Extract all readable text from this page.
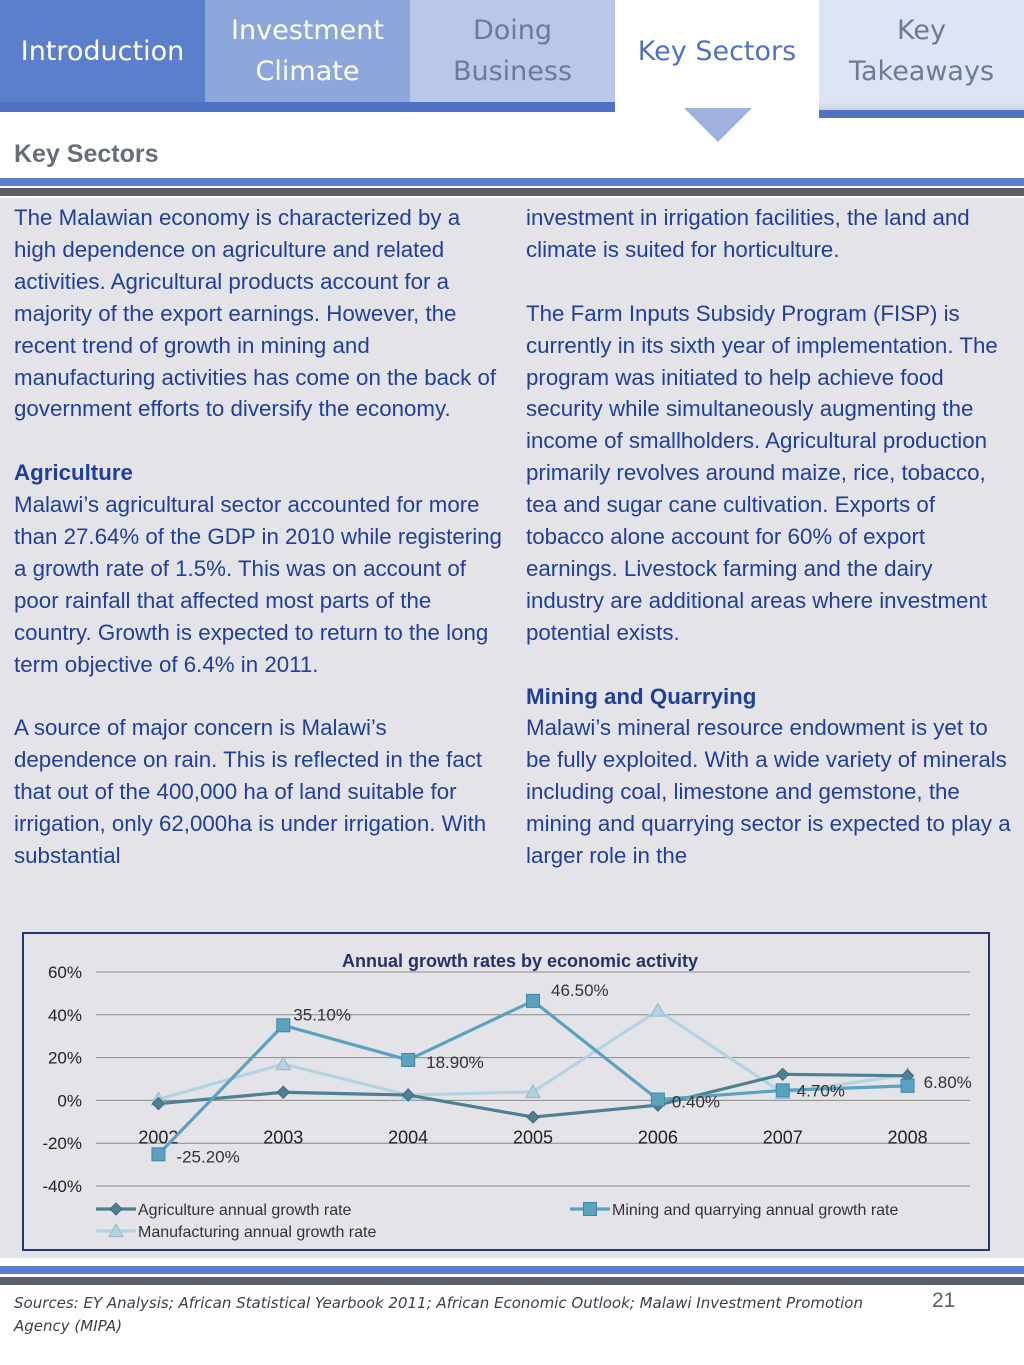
Introduction
Investment
Climate
Doing
Business
Key Sectors
Key
Takeaways
Key Sectors

The Malawian economy is characterized by a high dependence on agriculture and related activities. Agricultural products account for a majority of the export earnings. However, the recent trend of growth in mining and manufacturing activities has come on the back of government efforts to diversify the economy.

Agriculture

Malawi’s agricultural sector accounted for more than 27.64% of the GDP in 2010 while registering a growth rate of 1.5%. This was on account of poor rainfall that affected most parts of the country. Growth is expected to return to the long term objective of 6.4% in 2011.

A source of major concern is Malawi’s dependence on rain. This is reflected in the fact that out of the 400,000 ha of land suitable for irrigation, only 62,000ha is under irrigation. With substantial

investment in irrigation facilities, the land and climate is suited for horticulture.

The Farm Inputs Subsidy Program (FISP) is currently in its sixth year of implementation. The program was initiated to help achieve food security while simultaneously augmenting the income of smallholders. Agricultural production primarily revolves around maize, rice, tobacco, tea and sugar cane cultivation. Exports of tobacco alone account for 60% of export earnings. Livestock farming and the dairy industry are additional areas where investment potential exists.

Mining and Quarrying

Malawi’s mineral resource endowment is yet to be fully exploited. With a wide variety of minerals including coal, limestone and gemstone, the mining and quarrying sector is expected to play a larger role in the

Annual growth rates by economic activity
60%
40%
20%
0%
-20%
-40%
2002	2003	2004	2005	2006	2007	2008
-25.20%
35.10%
18.90%
46.50%
0.40%
4.70%	6.80%
Agriculture annual growth rate	Mining and quarrying annual growth rate
Manufacturing annual growth rate
Sources: EY Analysis; African Statistical Yearbook 2011; African Economic Outlook; Malawi Investment Promotion Agency (MIPA)
21
